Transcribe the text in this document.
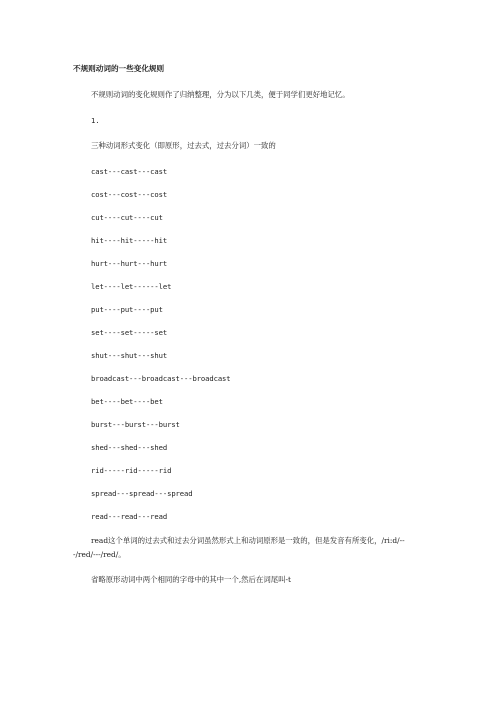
不规则动词的一些变化规则
不规则动词的变化规则作了归纳整理，分为以下几类，便于同学们更好地记忆。
1.
三种动词形式变化（即原形，过去式，过去分词）一致的
cast---cast---cast
cost---cost---cost
cut----cut----cut
hit----hit-----hit
hurt---hurt---hurt
let----let------let
put----put----put
set----set-----set
shut---shut---shut
broadcast---broadcast---broadcast
bet----bet----bet
burst---burst---burst
shed---shed---shed
rid-----rid-----rid
spread---spread---spread
read---read---read
read这个单词的过去式和过去分词虽然形式上和动词原形是一致的，但是发音有所变化，/ri:d/---/red/---/red/。
省略原形动词中两个相同的字母中的其中一个,然后在词尾叫-t
